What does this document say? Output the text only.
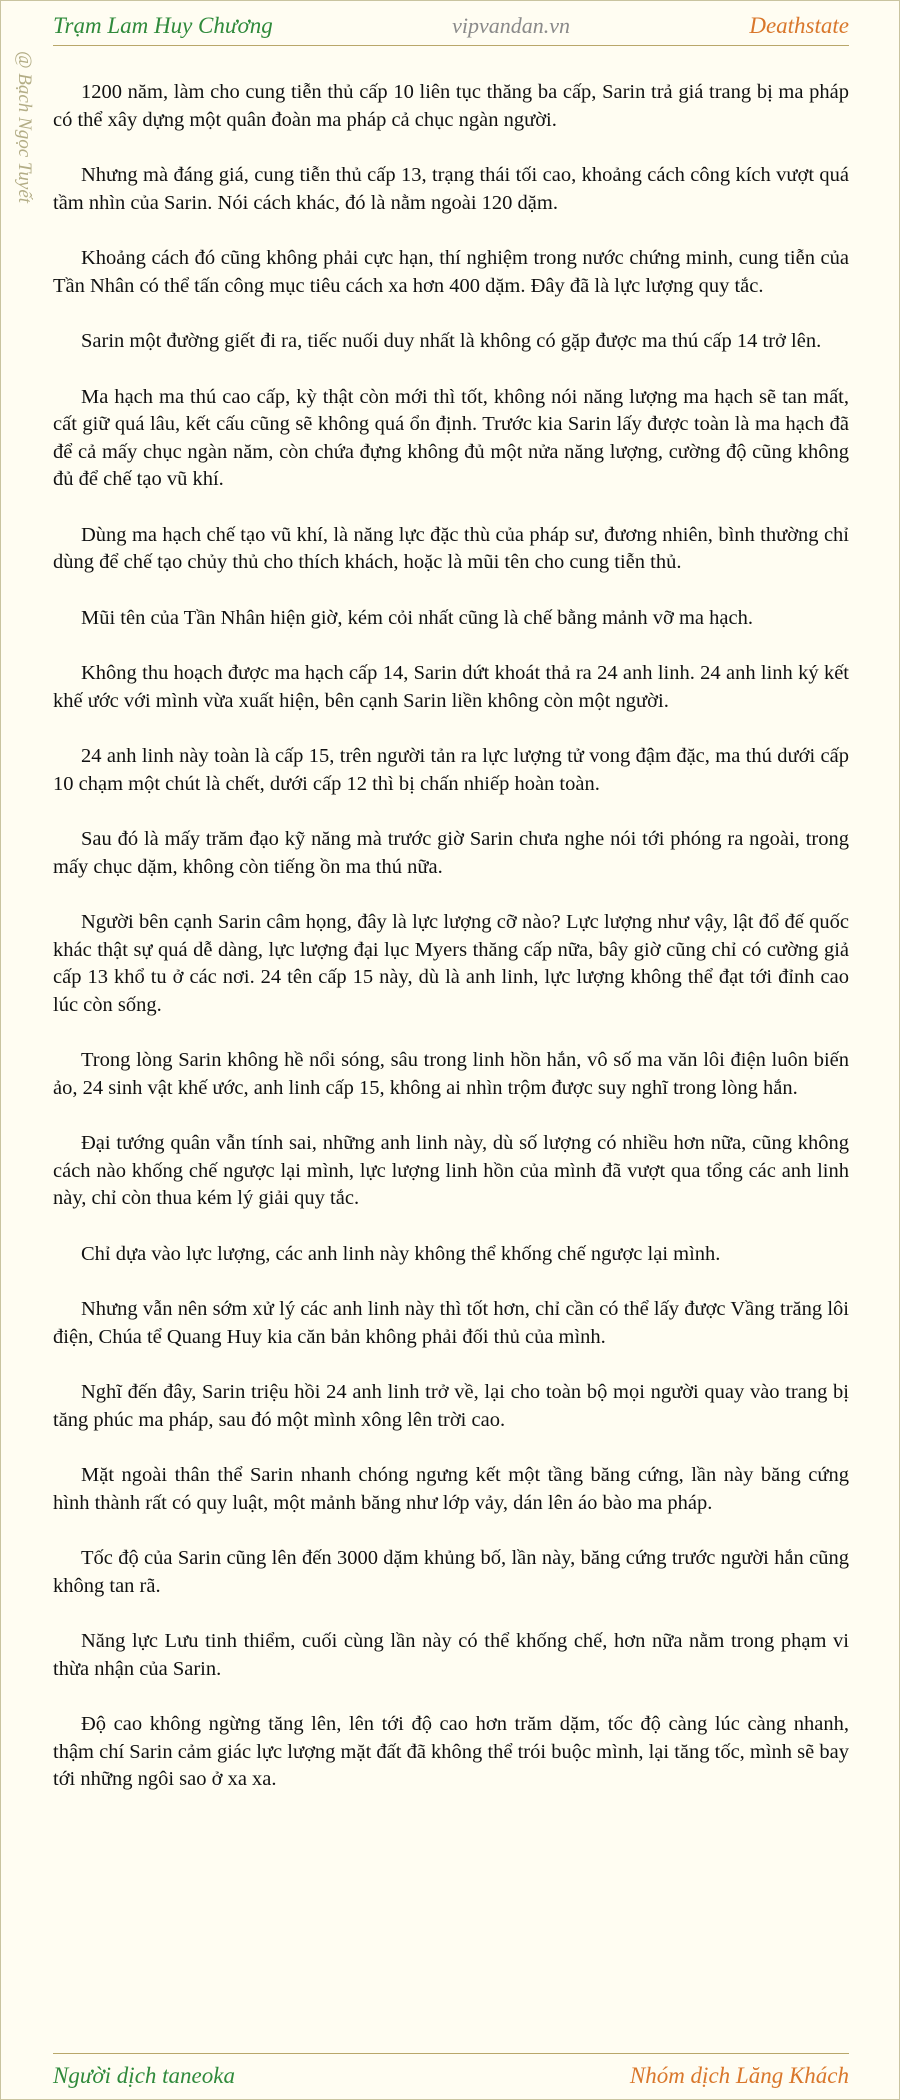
Trạm Lam Huy Chương	vipvandan.vn	Deathstate
@ Bạch Ngọc Tuyết	1200 năm, làm cho cung tiễn thủ cấp 10 liên tục thăng ba cấp, Sarin trả giá trang bị ma pháp có thể xây dựng một quân đoàn ma pháp cả chục ngàn người.

Nhưng mà đáng giá, cung tiễn thủ cấp 13, trạng thái tối cao, khoảng cách công kích vượt quá tầm nhìn của Sarin. Nói cách khác, đó là nằm ngoài 120 dặm.

Khoảng cách đó cũng không phải cực hạn, thí nghiệm trong nước chứng minh, cung tiễn của Tần Nhân có thể tấn công mục tiêu cách xa hơn 400 dặm. Đây đã là lực lượng quy tắc.

Sarin một đường giết đi ra, tiếc nuối duy nhất là không có gặp được ma thú cấp 14 trở lên.

Ma hạch ma thú cao cấp, kỳ thật còn mới thì tốt, không nói năng lượng ma hạch sẽ tan mất, cất giữ quá lâu, kết cấu cũng sẽ không quá ổn định. Trước kia Sarin lấy được toàn là ma hạch đã để cả mấy chục ngàn năm, còn chứa đựng không đủ một nửa năng lượng, cường độ cũng không đủ để chế tạo vũ khí.

Dùng ma hạch chế tạo vũ khí, là năng lực đặc thù của pháp sư, đương nhiên, bình thường chỉ dùng để chế tạo chủy thủ cho thích khách, hoặc là mũi tên cho cung tiễn thủ.

Mũi tên của Tần Nhân hiện giờ, kém cỏi nhất cũng là chế bằng mảnh vỡ ma hạch.

Không thu hoạch được ma hạch cấp 14, Sarin dứt khoát thả ra 24 anh linh. 24 anh linh ký kết khế ước với mình vừa xuất hiện, bên cạnh Sarin liền không còn một người.

24 anh linh này toàn là cấp 15, trên người tản ra lực lượng tử vong đậm đặc, ma thú dưới cấp 10 chạm một chút là chết, dưới cấp 12 thì bị chấn nhiếp hoàn toàn.

Sau đó là mấy trăm đạo kỹ năng mà trước giờ Sarin chưa nghe nói tới phóng ra ngoài, trong mấy chục dặm, không còn tiếng ồn ma thú nữa.

Người bên cạnh Sarin câm họng, đây là lực lượng cỡ nào? Lực lượng như vậy, lật đổ đế quốc khác thật sự quá dễ dàng, lực lượng đại lục Myers thăng cấp nữa, bây giờ cũng chỉ có cường giả cấp 13 khổ tu ở các nơi. 24 tên cấp 15 này, dù là anh linh, lực lượng không thể đạt tới đỉnh cao lúc còn sống.

Trong lòng Sarin không hề nổi sóng, sâu trong linh hồn hắn, vô số ma văn lôi điện luôn biến ảo, 24 sinh vật khế ước, anh linh cấp 15, không ai nhìn trộm được suy nghĩ trong lòng hắn.

Đại tướng quân vẫn tính sai, những anh linh này, dù số lượng có nhiều hơn nữa, cũng không cách nào khống chế ngược lại mình, lực lượng linh hồn của mình đã vượt qua tổng các anh linh này, chỉ còn thua kém lý giải quy tắc.

Chỉ dựa vào lực lượng, các anh linh này không thể khống chế ngược lại mình.

Nhưng vẫn nên sớm xử lý các anh linh này thì tốt hơn, chỉ cần có thể lấy được Vầng trăng lôi điện, Chúa tể Quang Huy kia căn bản không phải đối thủ của mình.

Nghĩ đến đây, Sarin triệu hồi 24 anh linh trở về, lại cho toàn bộ mọi người quay vào trang bị tăng phúc ma pháp, sau đó một mình xông lên trời cao.

Mặt ngoài thân thể Sarin nhanh chóng ngưng kết một tầng băng cứng, lần này băng cứng hình thành rất có quy luật, một mảnh băng như lớp vảy, dán lên áo bào ma pháp.

Tốc độ của Sarin cũng lên đến 3000 dặm khủng bố, lần này, băng cứng trước người hắn cũng không tan rã.

Năng lực Lưu tinh thiểm, cuối cùng lần này có thể khống chế, hơn nữa nằm trong phạm vi thừa nhận của Sarin.

Độ cao không ngừng tăng lên, lên tới độ cao hơn trăm dặm, tốc độ càng lúc càng nhanh, thậm chí Sarin cảm giác lực lượng mặt đất đã không thể trói buộc mình, lại tăng tốc, mình sẽ bay tới những ngôi sao ở xa xa.

Người dịch taneoka	Nhóm dịch Lăng Khách
